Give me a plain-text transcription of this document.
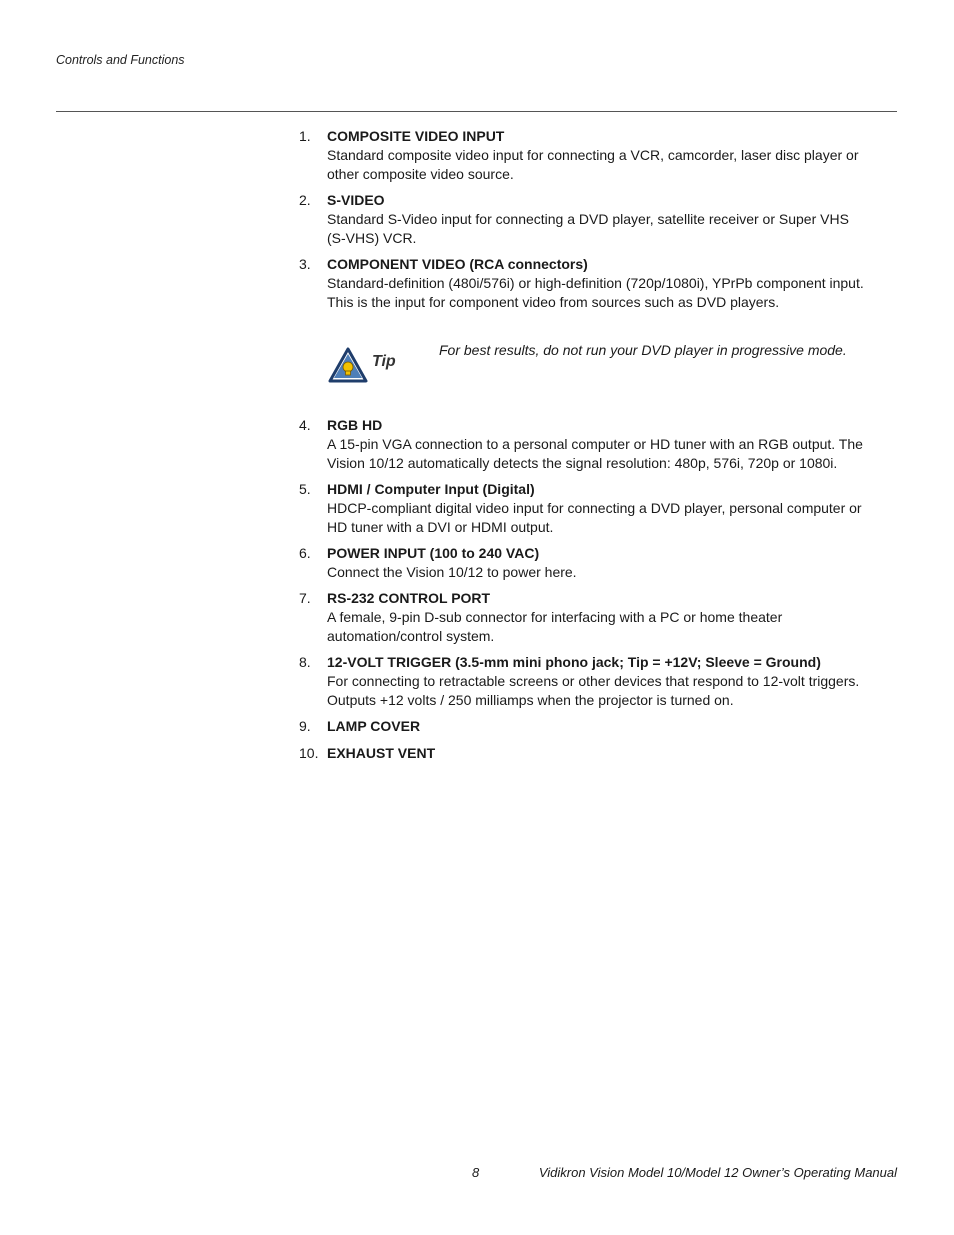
Controls and Functions
1. COMPOSITE VIDEO INPUT
Standard composite video input for connecting a VCR, camcorder, laser disc player or
other composite video source.
2. S-VIDEO
Standard S-Video input for connecting a DVD player, satellite receiver or Super VHS
(S-VHS) VCR.
3. COMPONENT VIDEO (RCA connectors)
Standard-definition (480i/576i) or high-definition (720p/1080i), YPrPb component input.
This is the input for component video from sources such as DVD players.
4. RGB HD
A 15-pin VGA connection to a personal computer or HD tuner with an RGB output. The
Vision 10/12 automatically detects the signal resolution: 480p, 576i, 720p or 1080i.
5. HDMI / Computer Input (Digital)
HDCP-compliant digital video input for connecting a DVD player, personal computer or
HD tuner with a DVI or HDMI output.
6. POWER INPUT (100 to 240 VAC)
Connect the Vision 10/12 to power here.
7. RS-232 CONTROL PORT
A female, 9-pin D-sub connector for interfacing with a PC or home theater
automation/control system.
8. 12-VOLT TRIGGER (3.5-mm mini phono jack; Tip = +12V; Sleeve = Ground)
For connecting to retractable screens or other devices that respond to 12-volt triggers.
Outputs +12 volts / 250 milliamps when the projector is turned on.
9. LAMP COVER
10. EXHAUST VENT
Tip
For best results, do not run your DVD player in progressive mode.
8	Vidikron Vision Model 10/Model 12 Owner’s Operating Manual
